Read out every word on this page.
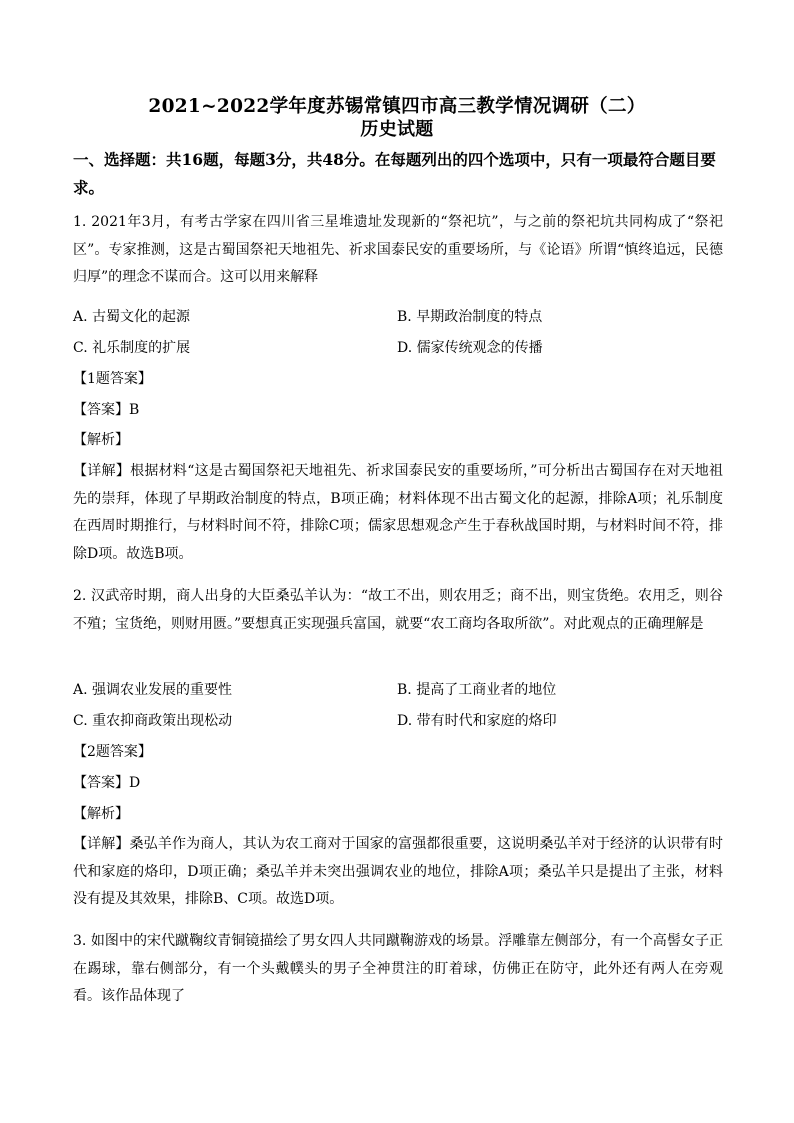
2021~2022学年度苏锡常镇四市高三教学情况调研（二）
历史试题
一、选择题：共16题，每题3分，共48分。在每题列出的四个选项中，只有一项最符合题目要求。
1. 2021年3月，有考古学家在四川省三星堆遗址发现新的“祭祀坑”，与之前的祭祀坑共同构成了“祭祀区”。专家推测，这是古蜀国祭祀天地祖先、祈求国泰民安的重要场所，与《论语》所谓“慎终追远，民德归厚”的理念不谋而合。这可以用来解释
A. 古蜀文化的起源	B. 早期政治制度的特点
C. 礼乐制度的扩展	D. 儒家传统观念的传播
【1题答案】
【答案】B
【解析】
【详解】根据材料“这是古蜀国祭祀天地祖先、祈求国泰民安的重要场所，”可分析出古蜀国存在对天地祖先的崇拜，体现了早期政治制度的特点，B项正确；材料体现不出古蜀文化的起源，排除A项；礼乐制度在西周时期推行，与材料时间不符，排除C项；儒家思想观念产生于春秋战国时期，与材料时间不符，排除D项。故选B项。
2. 汉武帝时期，商人出身的大臣桑弘羊认为：“故工不出，则农用乏；商不出，则宝货绝。农用乏，则谷不殖；宝货绝，则财用匮。”要想真正实现强兵富国，就要“农工商均各取所欲”。对此观点的正确理解是
A. 强调农业发展的重要性	B. 提高了工商业者的地位
C. 重农抑商政策出现松动	D. 带有时代和家庭的烙印
【2题答案】
【答案】D
【解析】
【详解】桑弘羊作为商人，其认为农工商对于国家的富强都很重要，这说明桑弘羊对于经济的认识带有时代和家庭的烙印，D项正确；桑弘羊并未突出强调农业的地位，排除A项；桑弘羊只是提出了主张，材料没有提及其效果，排除B、C项。故选D项。
3. 如图中的宋代蹴鞠纹青铜镜描绘了男女四人共同蹴鞠游戏的场景。浮雕靠左侧部分，有一个高髻女子正在踢球，靠右侧部分，有一个头戴幞头的男子全神贯注的盯着球，仿佛正在防守，此外还有两人在旁观看。该作品体现了
